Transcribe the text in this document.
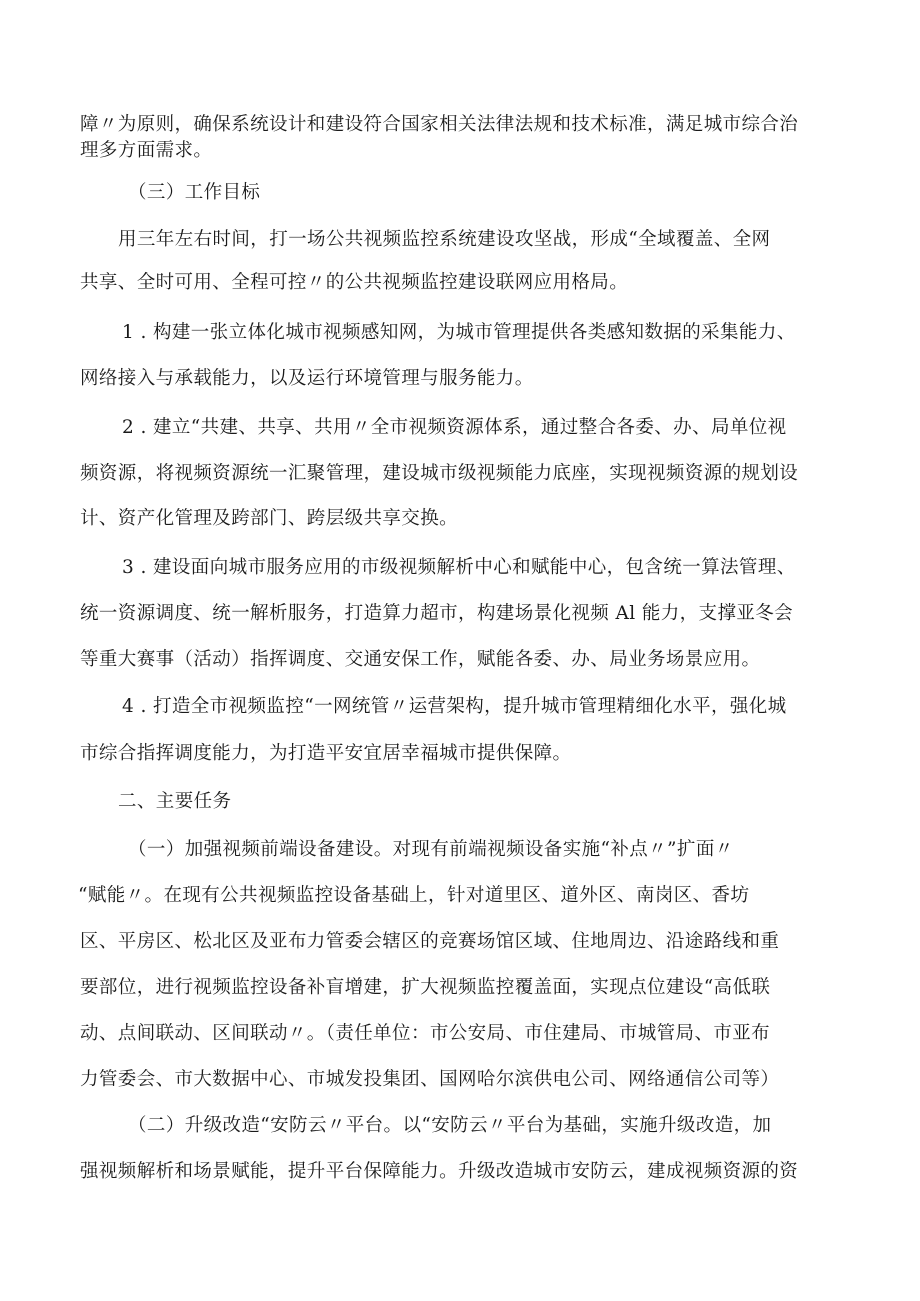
障〃为原则，确保系统设计和建设符合国家相关法律法规和技术标准，满足城市综合治
理多方面需求。
（三）工作目标
用三年左右时间，打一场公共视频监控系统建设攻坚战，形成“全域覆盖、全网
共享、全时可用、全程可控〃的公共视频监控建设联网应用格局。
1 . 构建一张立体化城市视频感知网，为城市管理提供各类感知数据的采集能力、
网络接入与承载能力，以及运行环境管理与服务能力。
2 . 建立“共建、共享、共用〃全市视频资源体系，通过整合各委、办、局单位视
频资源，将视频资源统一汇聚管理，建设城市级视频能力底座，实现视频资源的规划设
计、资产化管理及跨部门、跨层级共享交换。
3 . 建设面向城市服务应用的市级视频解析中心和赋能中心，包含统一算法管理、
统一资源调度、统一解析服务，打造算力超市，构建场景化视频 Al 能力，支撑亚冬会
等重大赛事（活动）指挥调度、交通安保工作，赋能各委、办、局业务场景应用。
4 . 打造全市视频监控“一网统管〃运营架构，提升城市管理精细化水平，强化城
市综合指挥调度能力，为打造平安宜居幸福城市提供保障。
二、主要任务
（一）加强视频前端设备建设。对现有前端视频设备实施“补点〃”扩面〃
“赋能〃。在现有公共视频监控设备基础上，针对道里区、道外区、南岗区、香坊
区、平房区、松北区及亚布力管委会辖区的竞赛场馆区域、住地周边、沿途路线和重
要部位，进行视频监控设备补盲增建，扩大视频监控覆盖面，实现点位建设“高低联
动、点间联动、区间联动〃。（责任单位：市公安局、市住建局、市城管局、市亚布
力管委会、市大数据中心、市城发投集团、国网哈尔滨供电公司、网络通信公司等）
（二）升级改造“安防云〃平台。以“安防云〃平台为基础，实施升级改造，加
强视频解析和场景赋能，提升平台保障能力。升级改造城市安防云，建成视频资源的资
